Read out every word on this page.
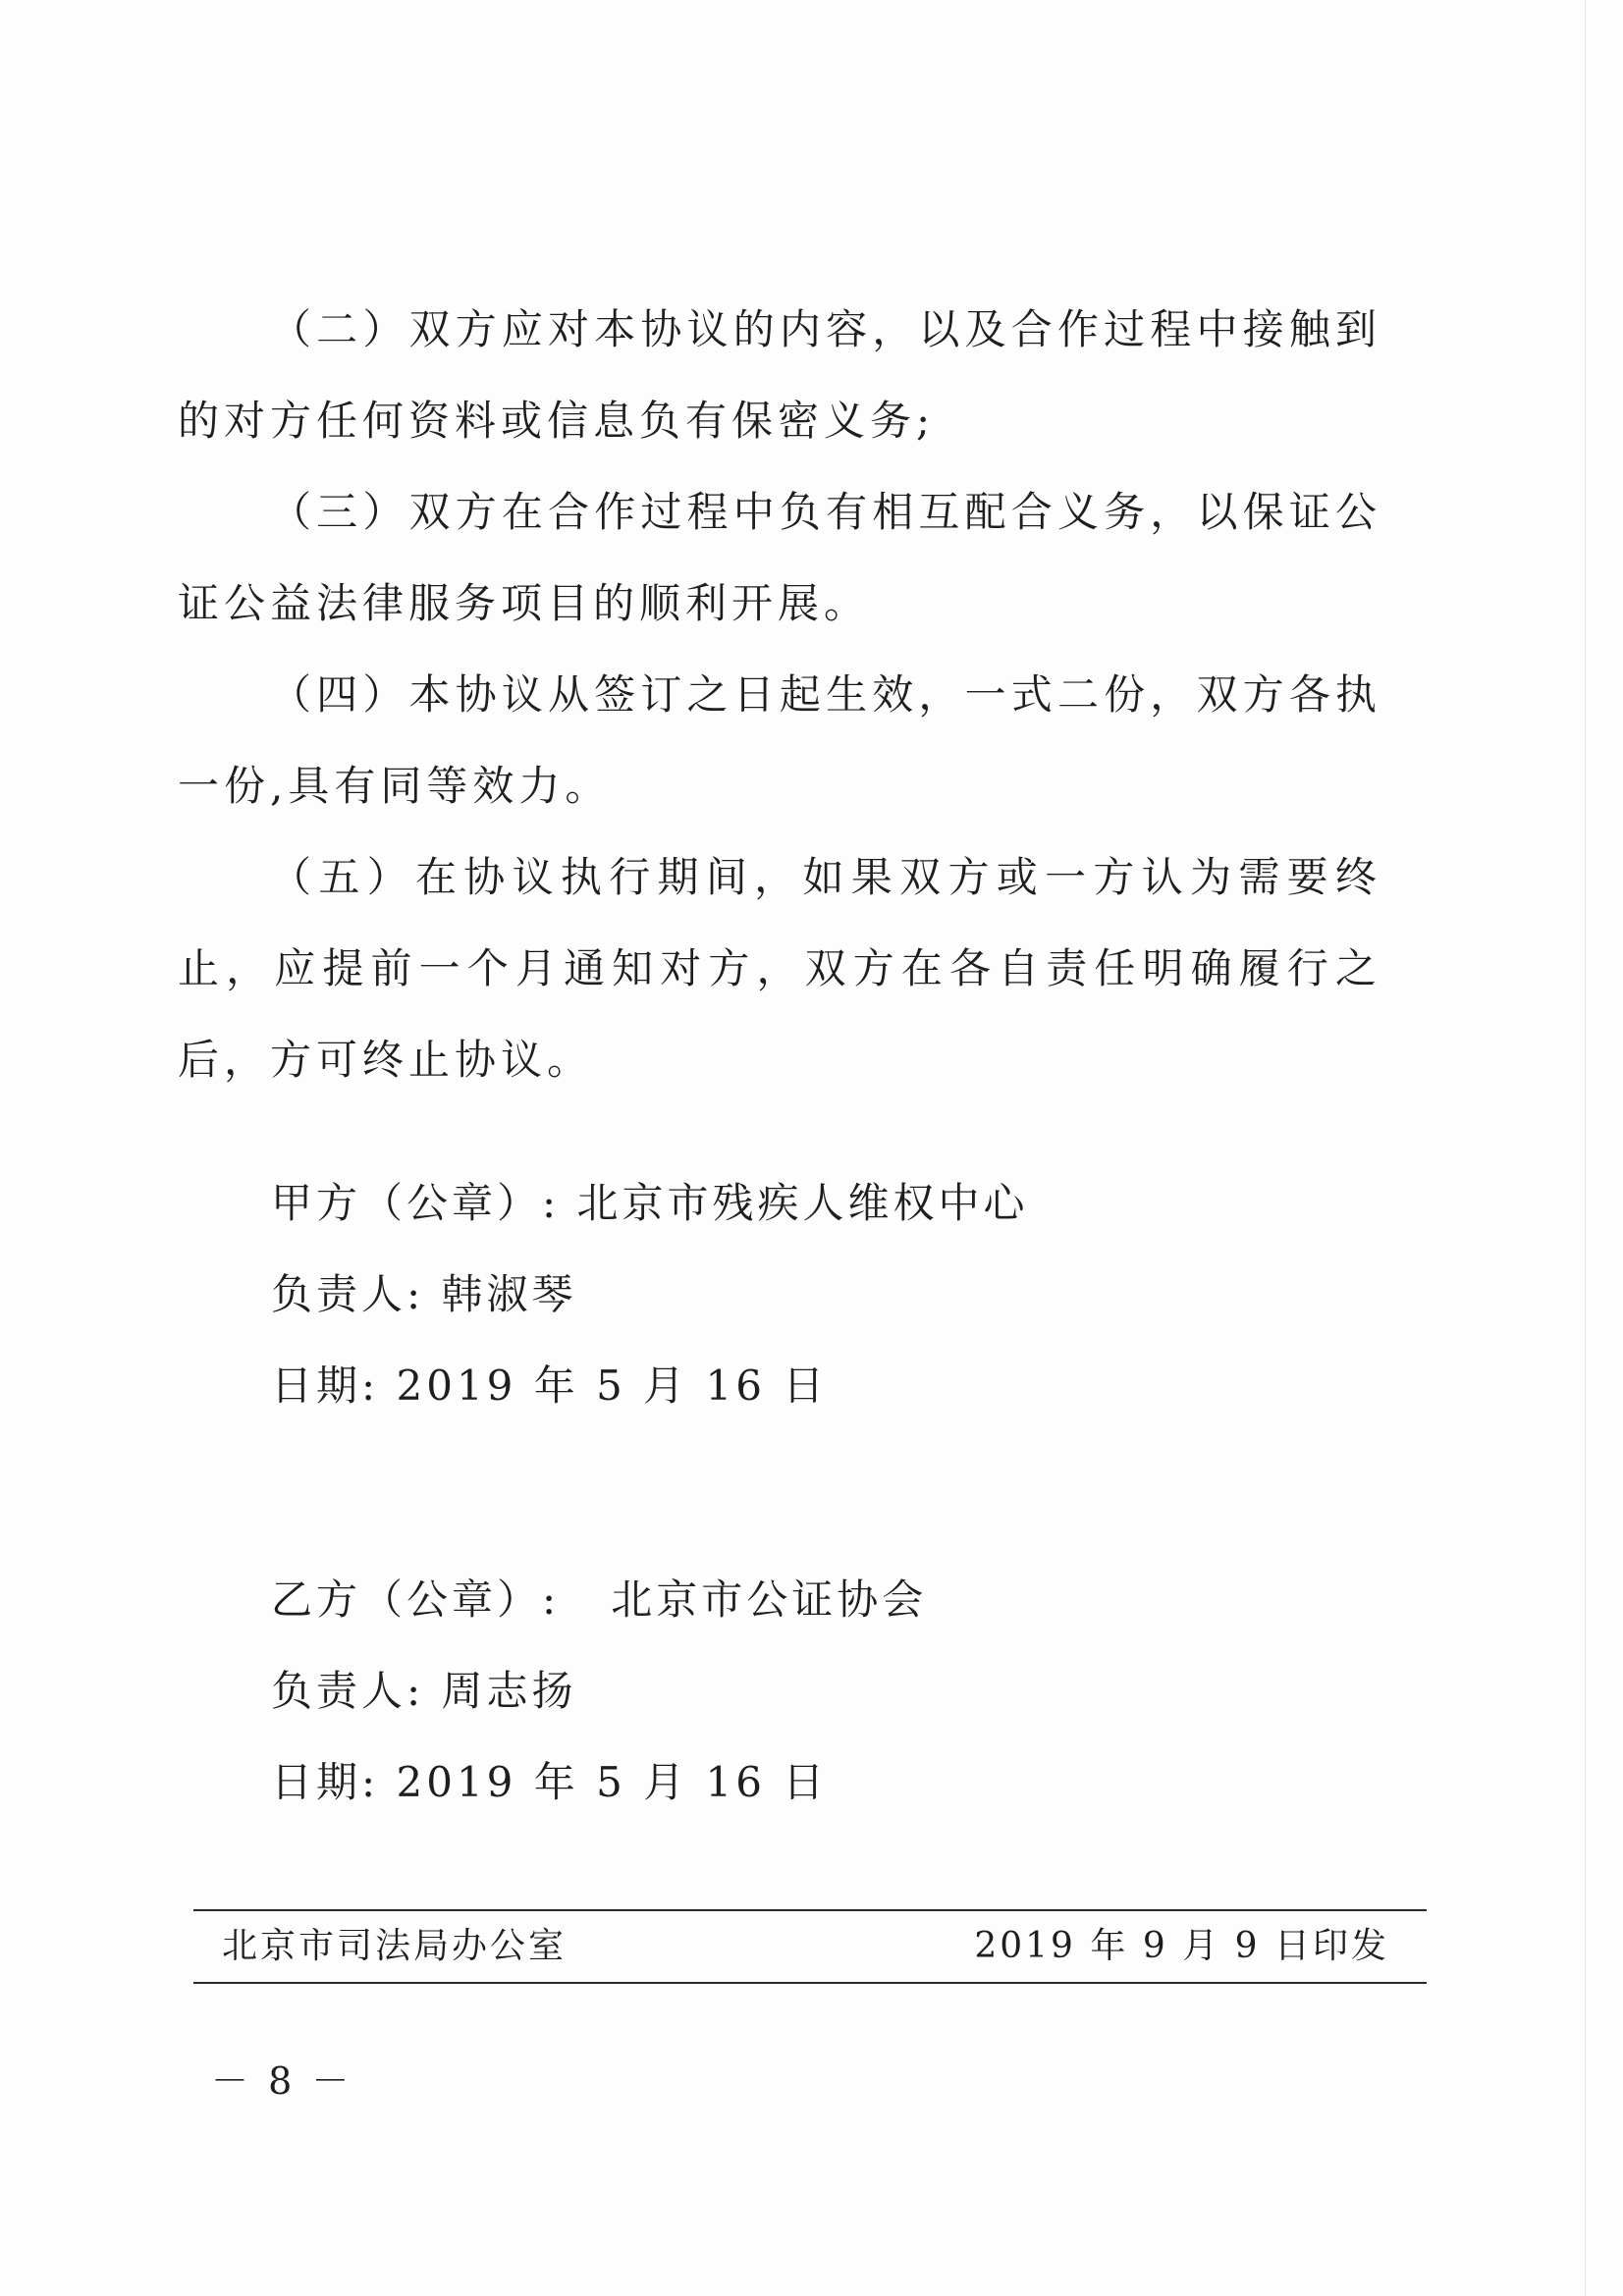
（二）双方应对本协议的内容，以及合作过程中接触到的对方任何资料或信息负有保密义务;

（三）双方在合作过程中负有相互配合义务，以保证公证公益法律服务项目的顺利开展。

（四）本协议从签订之日起生效，一式二份，双方各执一份,具有同等效力。

（五）在协议执行期间，如果双方或一方认为需要终止，应提前一个月通知对方，双方在各自责任明确履行之后，方可终止协议。

甲方（公章）: 北京市残疾人维权中心

负责人: 韩淑琴

日期: 2019 年 5 月 16 日

乙方（公章）:   北京市公证协会

负责人: 周志扬

日期: 2019 年 5 月 16 日

北京市司法局办公室	2019 年 9 月 9 日印发
－ 8 －
